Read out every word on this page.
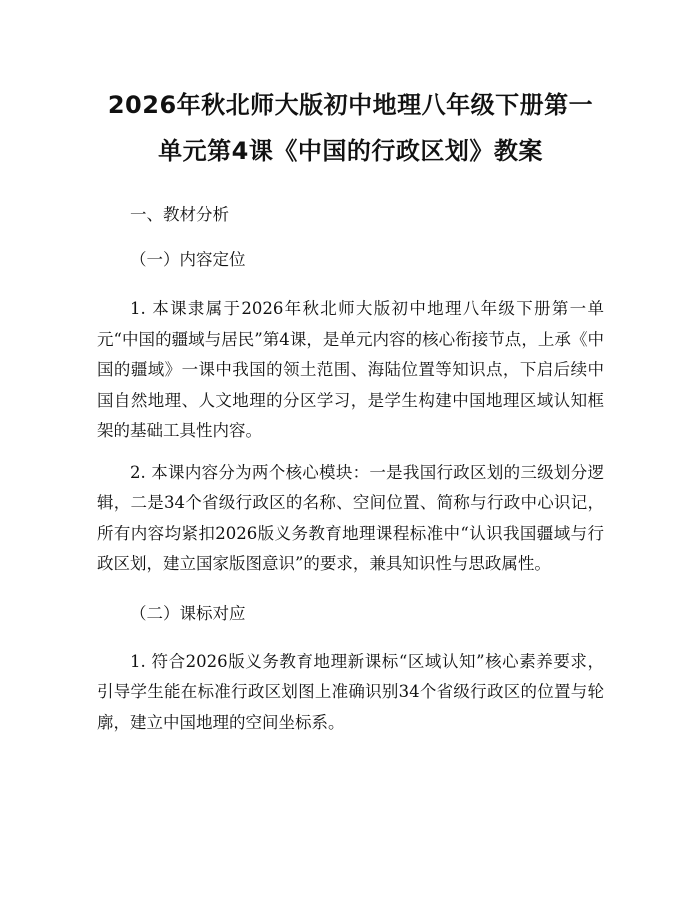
2026年秋北师大版初中地理八年级下册第一单元第4课《中国的行政区划》教案

一、教材分析

（一）内容定位

1. 本课隶属于2026年秋北师大版初中地理八年级下册第一单元“中国的疆域与居民”第4课，是单元内容的核心衔接节点，上承《中国的疆域》一课中我国的领土范围、海陆位置等知识点，下启后续中国自然地理、人文地理的分区学习，是学生构建中国地理区域认知框架的基础工具性内容。

2. 本课内容分为两个核心模块：一是我国行政区划的三级划分逻辑，二是34个省级行政区的名称、空间位置、简称与行政中心识记，所有内容均紧扣2026版义务教育地理课程标准中“认识我国疆域与行政区划，建立国家版图意识”的要求，兼具知识性与思政属性。

（二）课标对应

1. 符合2026版义务教育地理新课标“区域认知”核心素养要求，引导学生能在标准行政区划图上准确识别34个省级行政区的位置与轮廓，建立中国地理的空间坐标系。
